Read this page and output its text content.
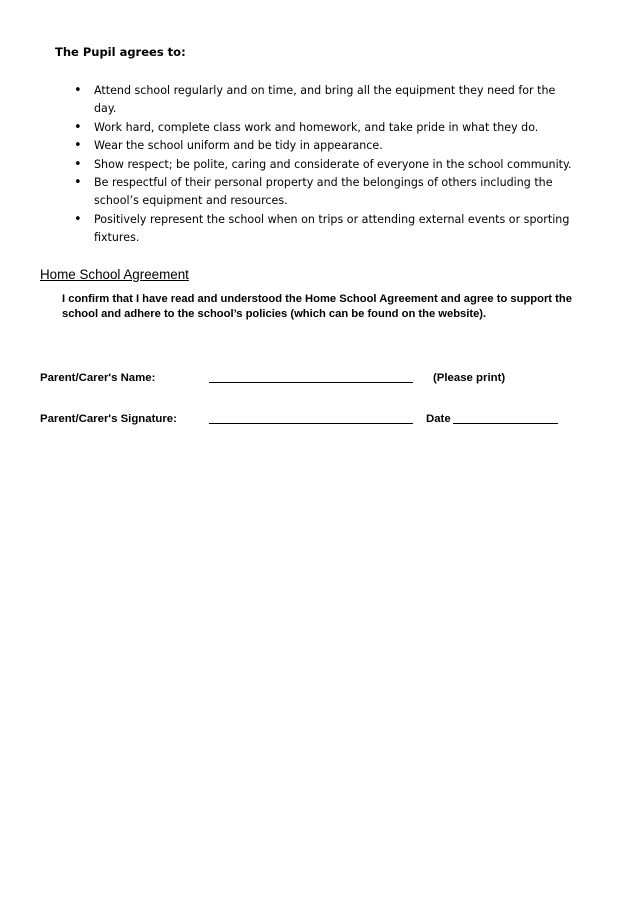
The Pupil agrees to:
• Attend school regularly and on time, and bring all the equipment they need for the day.
• Work hard, complete class work and homework, and take pride in what they do.
• Wear the school uniform and be tidy in appearance.
• Show respect; be polite, caring and considerate of everyone in the school community.
• Be respectful of their personal property and the belongings of others including the school’s equipment and resources.
• Positively represent the school when on trips or attending external events or sporting fixtures.
Home School Agreement

I confirm that I have read and understood the Home School Agreement and agree to support the school and adhere to the school’s policies (which can be found on the website).

Parent/Carer's Name:	(Please print)
Parent/Carer's Signature:	Date
